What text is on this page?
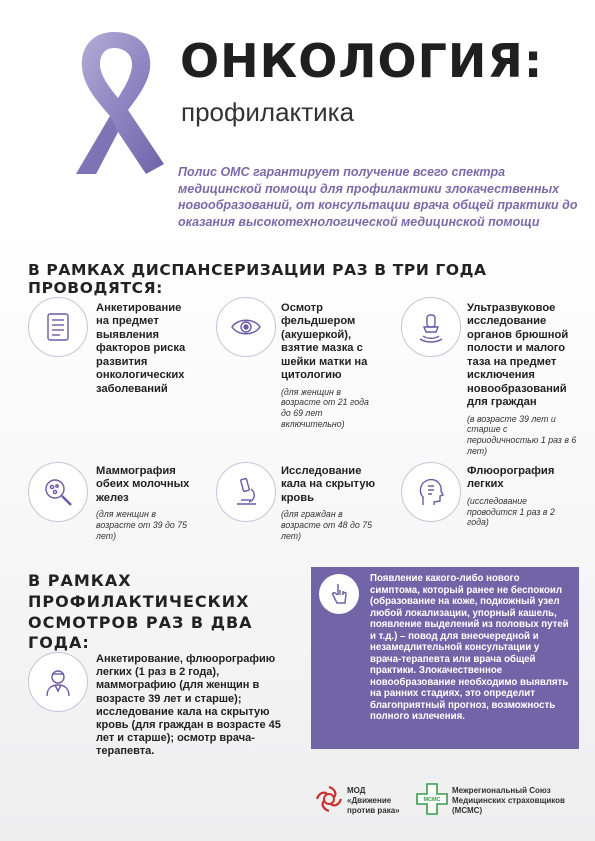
ОНКОЛОГИЯ:
профилактика
Полис ОМС гарантирует получение всего спектра медицинской помощи для профилактики злокачественных новообразований, от консультации врача общей практики до оказания высокотехнологической медицинской помощи
В РАМКАХ ДИСПАНСЕРИЗАЦИИ РАЗ В ТРИ ГОДА ПРОВОДЯТСЯ:
Анкетирование на предмет выявления факторов риска развития онкологических заболеваний
Осмотр фельдшером (акушеркой), взятие мазка с шейки матки на цитологию
(для женщин в возрасте от 21 года до 69 лет включительно)
Ультразвуковое исследование органов брюшной полости и малого таза на предмет исключения новообразований для граждан
(в возрасте 39 лет и старше с периодичностью 1 раз в 6 лет)
Маммография обеих молочных желез
(для женщин в возрасте от 39 до 75 лет)
Исследование кала на скрытую кровь
(для граждан в возрасте от 48 до 75 лет)
Флюорография легких
(исследование проводится 1 раз в 2 года)
В РАМКАХ ПРОФИЛАКТИЧЕСКИХ ОСМОТРОВ РАЗ В ДВА ГОДА:
Анкетирование, флюорографию легких (1 раз в 2 года), маммографию (для женщин в возрасте 39 лет и старше); исследование кала на скрытую кровь (для граждан в возрасте 45 лет и старше); осмотр врача-терапевта.
Появление какого-либо нового симптома, который ранее не беспокоил (образование на коже, подкожный узел любой локализации, упорный кашель, появление выделений из половых путей и т.д.) – повод для внеочередной и незамедлительной консультации у врача-терапевта или врача общей практики. Злокачественное новообразование необходимо выявлять на ранних стадиях, это определит благоприятный прогноз, возможность полного излечения.
МОД «Движение против рака»
МСМС
Межрегиональный Союз Медицинских страховщиков (МСМС)
